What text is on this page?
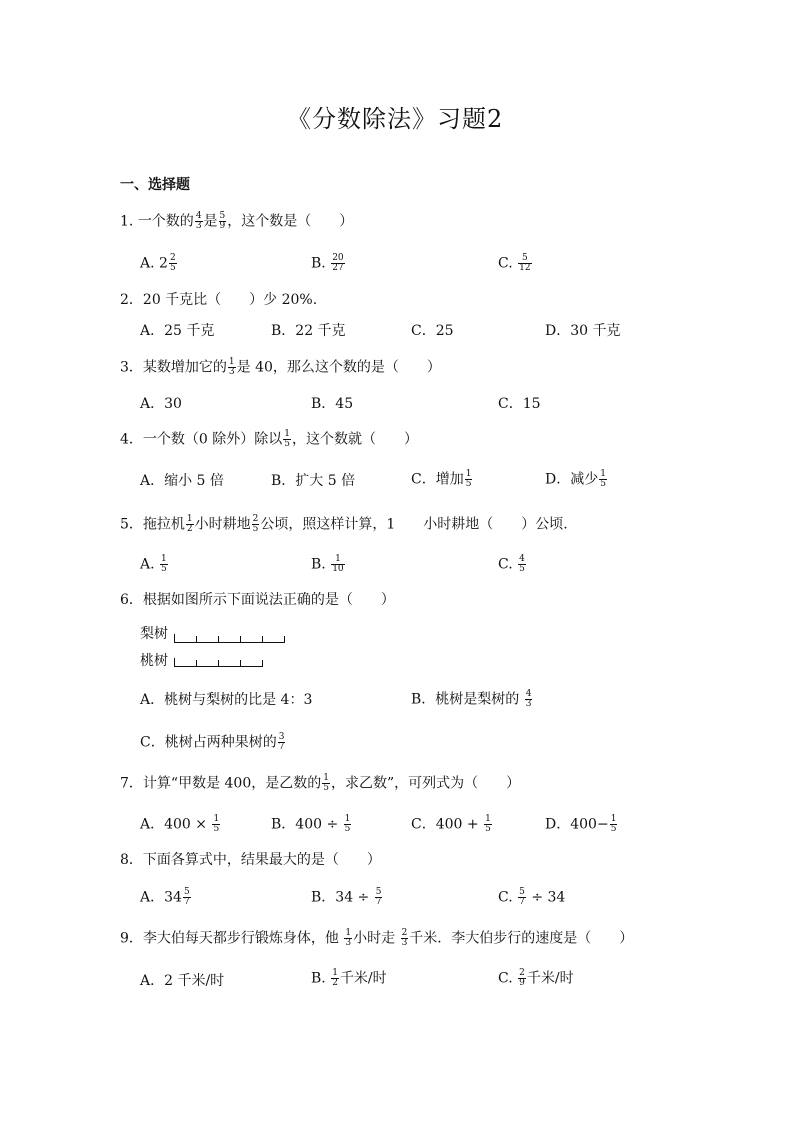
《分数除法》习题2
一、选择题
1. 一个数的 $\frac{4}{3}$ 是 $\frac{5}{9}$ ，这个数是（　　）
A. $2 \frac{2}{5}$	B. $\frac{20}{27}$	C. $\frac{5}{12}$
2．20 千克比（　　）少 20%.
A．25 千克	B．22 千克	C．25	D．30 千克
3．某数增加它的 $\frac{1}{3}$ 是 40，那么这个数的是（　　）
A．30	B．45	C．15
4．一个数（0 除外）除以 $\frac{1}{5}$ ，这个数就（　　）
A．缩小 5 倍	B．扩大 5 倍	C．增加 $\frac{1}{5}$	D．减少 $\frac{1}{5}$
5．拖拉机 $\frac{1}{2}$ 小时耕地 $\frac{2}{5}$ 公顷，照这样计算，1　　小时耕地（　　）公顷.
A. $\frac{1}{5}$	B. $\frac{1}{10}$	C. $\frac{4}{5}$
6．根据如图所示下面说法正确的是（　　）
梨树
桃树
A．桃树与梨树的比是 4：3	B．桃树是梨树的 $\frac{4}{3}$
C．桃树占两种果树的 $\frac{3}{7}$
7．计算“甲数是 400，是乙数的 $\frac{1}{5}$ ，求乙数”，可列式为（　　）
A．$400 \times \frac{1}{5}$	B．$400 \div \frac{1}{5}$	C．$400 + \frac{1}{5}$	D．$400- \frac{1}{5}$
8．下面各算式中，结果最大的是（　　）
A．$34 \frac{5}{7}$	B．$34 \div \frac{5}{7}$	C. $\frac{5}{7} \div 34$
9．李大伯每天都步行锻炼身体，他 $\frac{1}{3}$ 小时走 $\frac{2}{3}$ 千米．李大伯步行的速度是（　　）
A．2 千米/时	B. $\frac{1}{2}$ 千米/时	C. $\frac{2}{9}$ 千米/时
